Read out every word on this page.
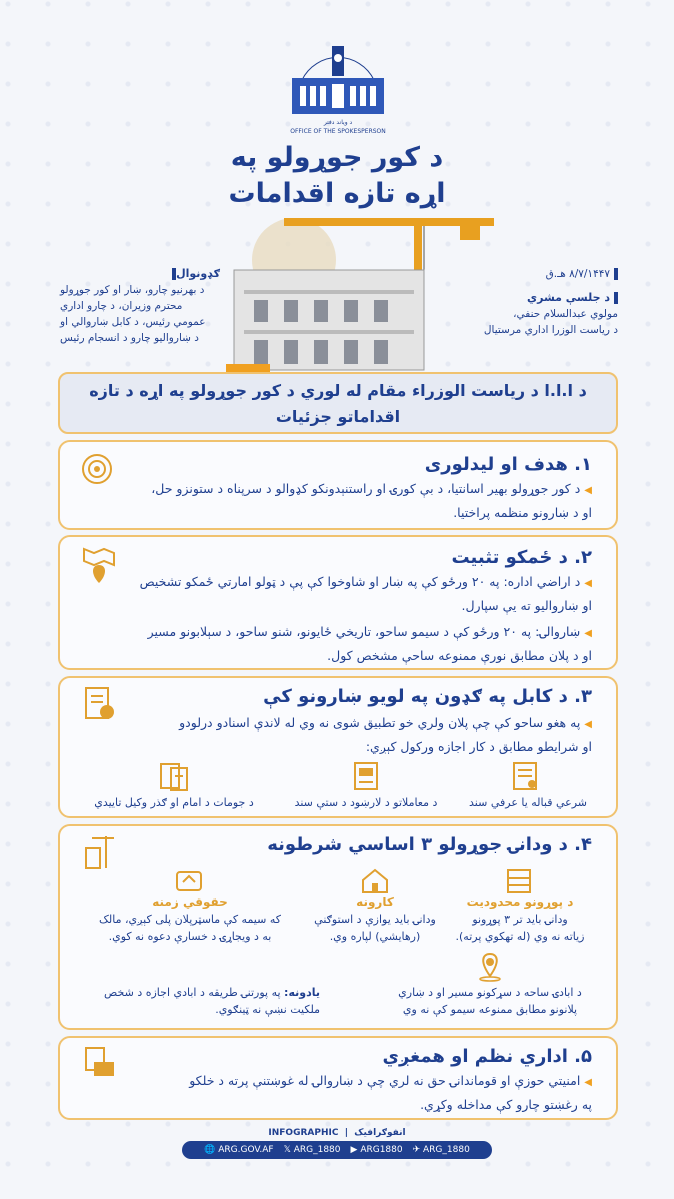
د ویاند دفتر
OFFICE OF THE SPOKESPERSON
د کور جوړولو په
اړه تازه اقدامات
ګډونوال
د بهرنیو چارو، ښار او کور جوړولو
محترم وزیران، د چارو اداري
عمومي رئیس، د کابل ښاروالي او
د ښاروالیو چارو د انسجام رئیس
۸/۷/۱۴۴۷ هـ.ق
د جلسې مشري
مولوي عبدالسلام حنفي،
د ریاست الوزرا اداري مرستیال
د ا.ا.ا د ریاست الوزراء مقام له لوري د کور جوړولو په اړه د تازه
اقداماتو جزئیات
۱. هدف او لیدلوری
◀د کور جوړولو بهیر اسانتیا، د بې کورۍ او راستنېدونکو کډوالو د سرپناه د ستونزو حل،
او د ښارونو منظمه پراختیا.
۲. د ځمکو تثبیت
◀د اراضي اداره: په ۲۰ ورځو کې په ښار او شاوخوا کې پې د ټولو امارتي ځمکو تشخیص
او ښاروالیو ته یې سپارل.
◀ښاروالۍ: په ۲۰ ورځو کې د سیمو ساحو، تاریخي ځایونو، شنو ساحو، د سېلابونو مسیر
او د پلان مطابق نورې ممنوعه ساحې مشخص کول.
۳. د کابل په ګډون په لویو ښارونو کې
◀په هغو ساحو کې چې پلان ولري خو تطبیق شوی نه وي له لاندې اسنادو درلودو
او شرایطو مطابق د کار اجازه ورکول کېږي:
شرعي قباله یا عرفي سند
د معاملاتو د لارښود د ستې سند
د جومات د امام او ګذر وکیل تاییدي
۴. د ودانۍ جوړولو ۳ اساسي شرطونه
د پوړونو محدودیت
ودانۍ باید تر ۳ پوړونو
زیاته نه وي (له تهکوي پرته).
کارونه
ودانۍ باید یوازې د استوګنې
(رهایشي) لپاره وي.
حقوقي زمنه
که سیمه کې ماسټرپلان پلی کېږي، مالک
به د ویجاړۍ د خسارې دعوه نه کوي.
د ابادۍ ساحه د سړکونو مسیر او د ښاري
پلانونو مطابق ممنوعه سیمو کې نه وي
یادونه: په پورتنۍ طریقه د ابادي اجازه د شخص
ملکیت نښې نه ټینګوي.
۵. اداري نظم او همغږي
◀امنیتي حوزې او قوماندانۍ حق نه لري چې د ښاروالۍ له غوښتنې پرته د خلکو
په رغښتو چارو کې مداخله وکړي.
INFOGRAPHIC  |  انفوګرافیک
🌐 ARG.GOV.AF 𝕏 ARG_1880 ▶ ARG1880 ✈ ARG_1880
